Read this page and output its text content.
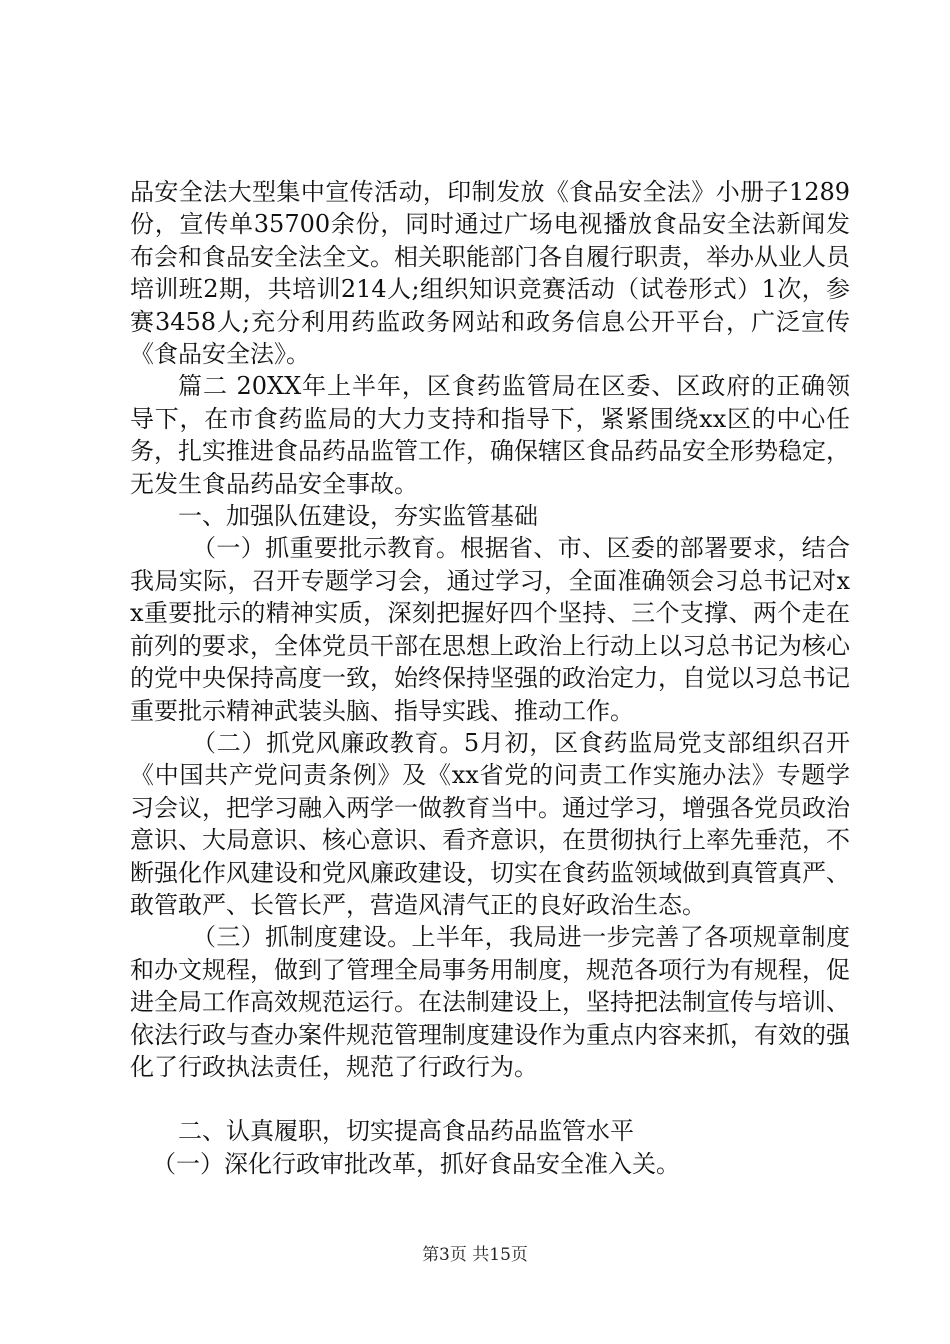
品安全法大型集中宣传活动，印制发放《食品安全法》小册子1289份，宣传单35700余份，同时通过广场电视播放食品安全法新闻发布会和食品安全法全文。相关职能部门各自履行职责，举办从业人员培训班2期，共培训214人;组织知识竞赛活动（试卷形式）1次，参赛3458人;充分利用药监政务网站和政务信息公开平台，广泛宣传《食品安全法》。

篇二 20XX年上半年，区食药监管局在区委、区政府的正确领导下，在市食药监局的大力支持和指导下，紧紧围绕xx区的中心任务，扎实推进食品药品监管工作，确保辖区食品药品安全形势稳定，无发生食品药品安全事故。

一、加强队伍建设，夯实监管基础

（一）抓重要批示教育。根据省、市、区委的部署要求，结合我局实际，召开专题学习会，通过学习，全面准确领会习总书记对xx重要批示的精神实质，深刻把握好四个坚持、三个支撑、两个走在前列的要求，全体党员干部在思想上政治上行动上以习总书记为核心的党中央保持高度一致，始终保持坚强的政治定力，自觉以习总书记重要批示精神武装头脑、指导实践、推动工作。

（二）抓党风廉政教育。5月初，区食药监局党支部组织召开《中国共产党问责条例》及《xx省党的问责工作实施办法》专题学习会议，把学习融入两学一做教育当中。通过学习，增强各党员政治意识、大局意识、核心意识、看齐意识，在贯彻执行上率先垂范，不断强化作风建设和党风廉政建设，切实在食药监领域做到真管真严、敢管敢严、长管长严，营造风清气正的良好政治生态。

（三）抓制度建设。上半年，我局进一步完善了各项规章制度和办文规程，做到了管理全局事务用制度，规范各项行为有规程，促进全局工作高效规范运行。在法制建设上，坚持把法制宣传与培训、依法行政与查办案件规范管理制度建设作为重点内容来抓，有效的强化了行政执法责任，规范了行政行为。

二、认真履职，切实提高食品药品监管水平

（一）深化行政审批改革，抓好食品安全准入关。

第3页 共15页
